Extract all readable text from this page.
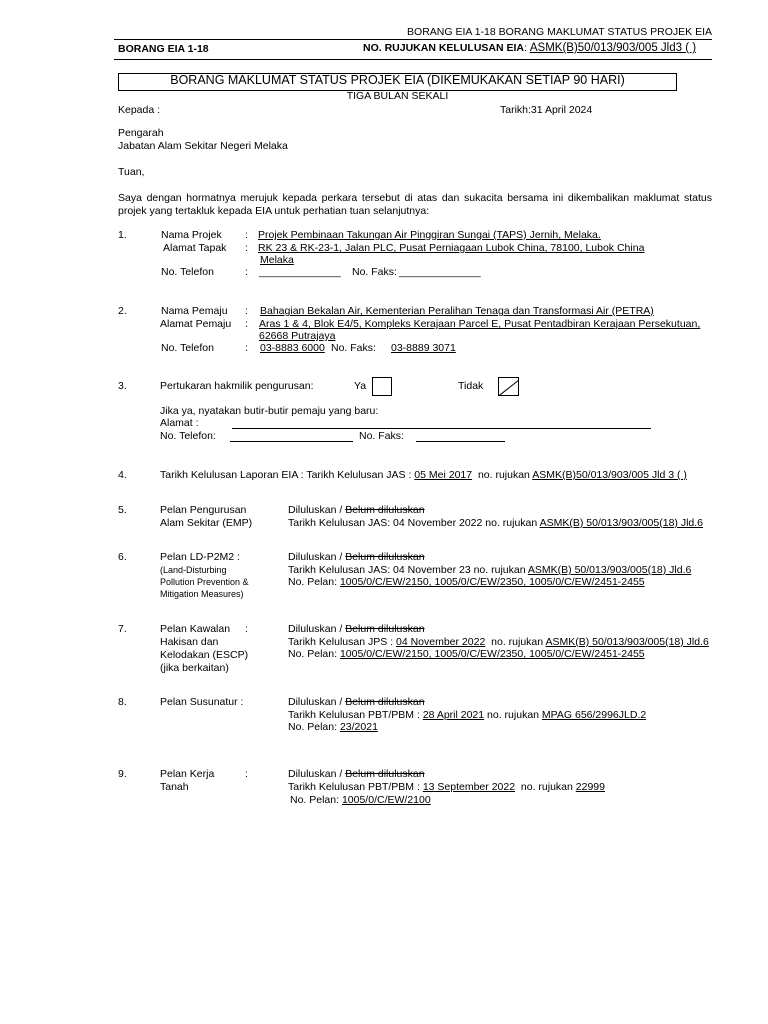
BORANG EIA 1-18 BORANG MAKLUMAT STATUS PROJEK EIA
BORANG EIA 1-18	NO. RUJUKAN KELULUSAN EIA: ASMK(B)50/013/903/005 Jld3 ( )
BORANG MAKLUMAT STATUS PROJEK EIA (DIKEMUKAKAN SETIAP 90 HARI)
TIGA BULAN SEKALI
Kepada :	Tarikh:31 April 2024
Pengarah
Jabatan Alam Sekitar Negeri Melaka
Tuan,
Saya dengan hormatnya merujuk kepada perkara tersebut di atas dan sukacita bersama ini dikembalikan maklumat status projek yang tertakluk kepada EIA untuk perhatian tuan selanjutnya:
1.	Nama Projek : Projek Pembinaan Takungan Air Pinggiran Sungai (TAPS) Jernih, Melaka.
Alamat Tapak : RK 23 & RK-23-1, Jalan PLC, Pusat Perniagaan Lubok China, 78100, Lubok China
Melaka
No. Telefon	: ______________ No. Faks: ______________
2.	Nama Pemaju : Bahagian Bekalan Air, Kementerian Peralihan Tenaga dan Transformasi Air (PETRA)
Alamat Pemaju : Aras 1 & 4, Blok E4/5, Kompleks Kerajaan Parcel E, Pusat Pentadbiran Kerajaan Persekutuan,
62668 Putrajaya
No. Telefon	: 03-8883 6000 No. Faks: 03-8889 3071
3.	Pertukaran hakmilik pengurusan:	Ya	Tidak
Jika ya, nyatakan butir-butir pemaju yang baru:
Alamat :
No. Telefon:	No. Faks:
4.	Tarikh Kelulusan Laporan EIA : Tarikh Kelulusan JAS : 05 Mei 2017 no. rujukan ASMK(B)50/013/903/005 Jld 3 ( )
5.	Pelan Pengurusan
Alam Sekitar (EMP)
Diluluskan / Belum diluluskan
Tarikh Kelulusan JAS: 04 November 2022 no. rujukan ASMK(B) 50/013/903/005(18) Jld.6
6.	Pelan LD-P2M2 :
(Land-Disturbing
Pollution Prevention &
Mitigation Measures)
Diluluskan / Belum diluluskan
Tarikh Kelulusan JAS: 04 November 23 no. rujukan ASMK(B) 50/013/903/005(18) Jld.6
No. Pelan: 1005/0/C/EW/2150, 1005/0/C/EW/2350, 1005/0/C/EW/2451-2455
7.	Pelan Kawalan :
Hakisan dan
Kelodakan (ESCP)
(jika berkaitan)
Diluluskan / Belum diluluskan
Tarikh Kelulusan JPS : 04 November 2022 no. rujukan ASMK(B) 50/013/903/005(18) Jld.6
No. Pelan: 1005/0/C/EW/2150, 1005/0/C/EW/2350, 1005/0/C/EW/2451-2455
8.	Pelan Susunatur :	Diluluskan / Belum diluluskan
Tarikh Kelulusan PBT/PBM : 28 April 2021 no. rujukan MPAG 656/2996JLD.2
No. Pelan: 23/2021
9.	Pelan Kerja	:
Tanah
Diluluskan / Belum diluluskan
Tarikh Kelulusan PBT/PBM : 13 September 2022 no. rujukan 22999
No. Pelan: 1005/0/C/EW/2100
